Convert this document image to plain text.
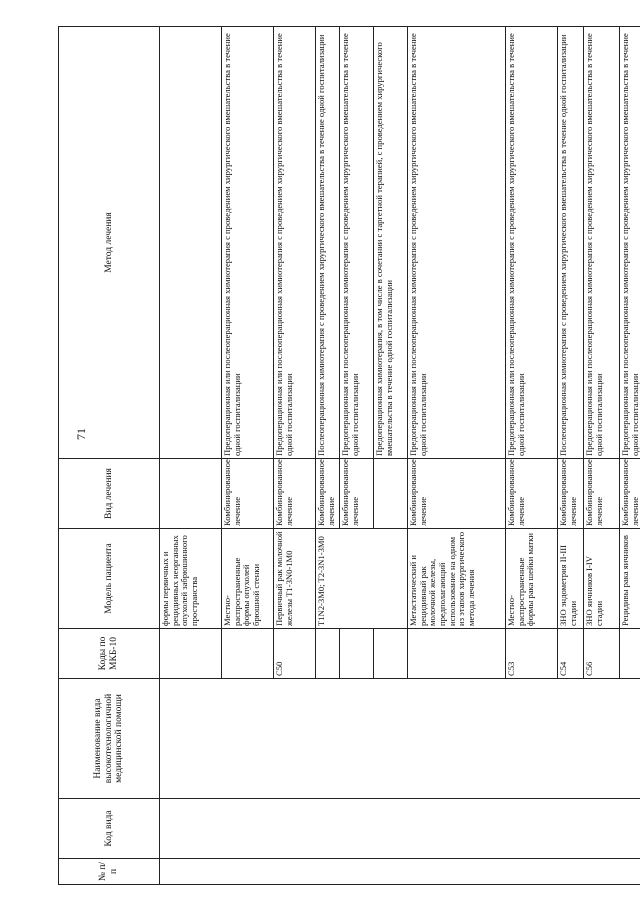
71
№ п/п	Код вида	Наименование вида высокотехнологичной медицинской помощи	Коды по МКБ-10	Модель пациента	Вид лечения	Метод лечения
				формы первичных и рецидивных неорганных опухолей забрюшинного пространства		
				Местно-распространенные формы опухолей брюшной стенки	Комбинированное лечение	Предоперационная или послеоперационная химиотерапия с проведением хирургического вмешательства в течение одной госпитализации
			C50	Первичный рак молочной железы T1-3N0-1M0	Комбинированное лечение	Предоперационная или послеоперационная химиотерапия с проведением хирургического вмешательства в течение одной госпитализации
				T1N2-3M0; T2-3N1-3M0	Комбинированное лечение	Послеоперационная химиотерапия с проведением хирургического вмешательства в течение одной госпитализации
					Комбинированное лечение	Предоперационная или послеоперационная химиотерапия с проведением хирургического вмешательства в течение одной госпитализации
						Предоперационная химиотерапия, в том числе в сочетании с таргетной терапией, с проведением хирургического вмешательства в течение одной госпитализации
				Метастатический и рецидивный рак молочной железы, предполагающий использование на одном из этапов хирургического метода лечения	Комбинированное лечение	Предоперационная или послеоперационная химиотерапия с проведением хирургического вмешательства в течение одной госпитализации
			C53	Местно-распространенные формы рака шейки матки	Комбинированное лечение	Предоперационная или послеоперационная химиотерапия с проведением хирургического вмешательства в течение одной госпитализации
			C54	ЗНО эндометрия II-III стадии	Комбинированное лечение	Послеоперационная химиотерапия с проведением хирургического вмешательства в течение одной госпитализации
			C56	ЗНО яичников I-IV стадии	Комбинированное лечение	Предоперационная или послеоперационная химиотерапия с проведением хирургического вмешательства в течение одной госпитализации
				Рецидивы рака яичников	Комбинированное лечение	Предоперационная или послеоперационная химиотерапия с проведением хирургического вмешательства в течение одной госпитализации
